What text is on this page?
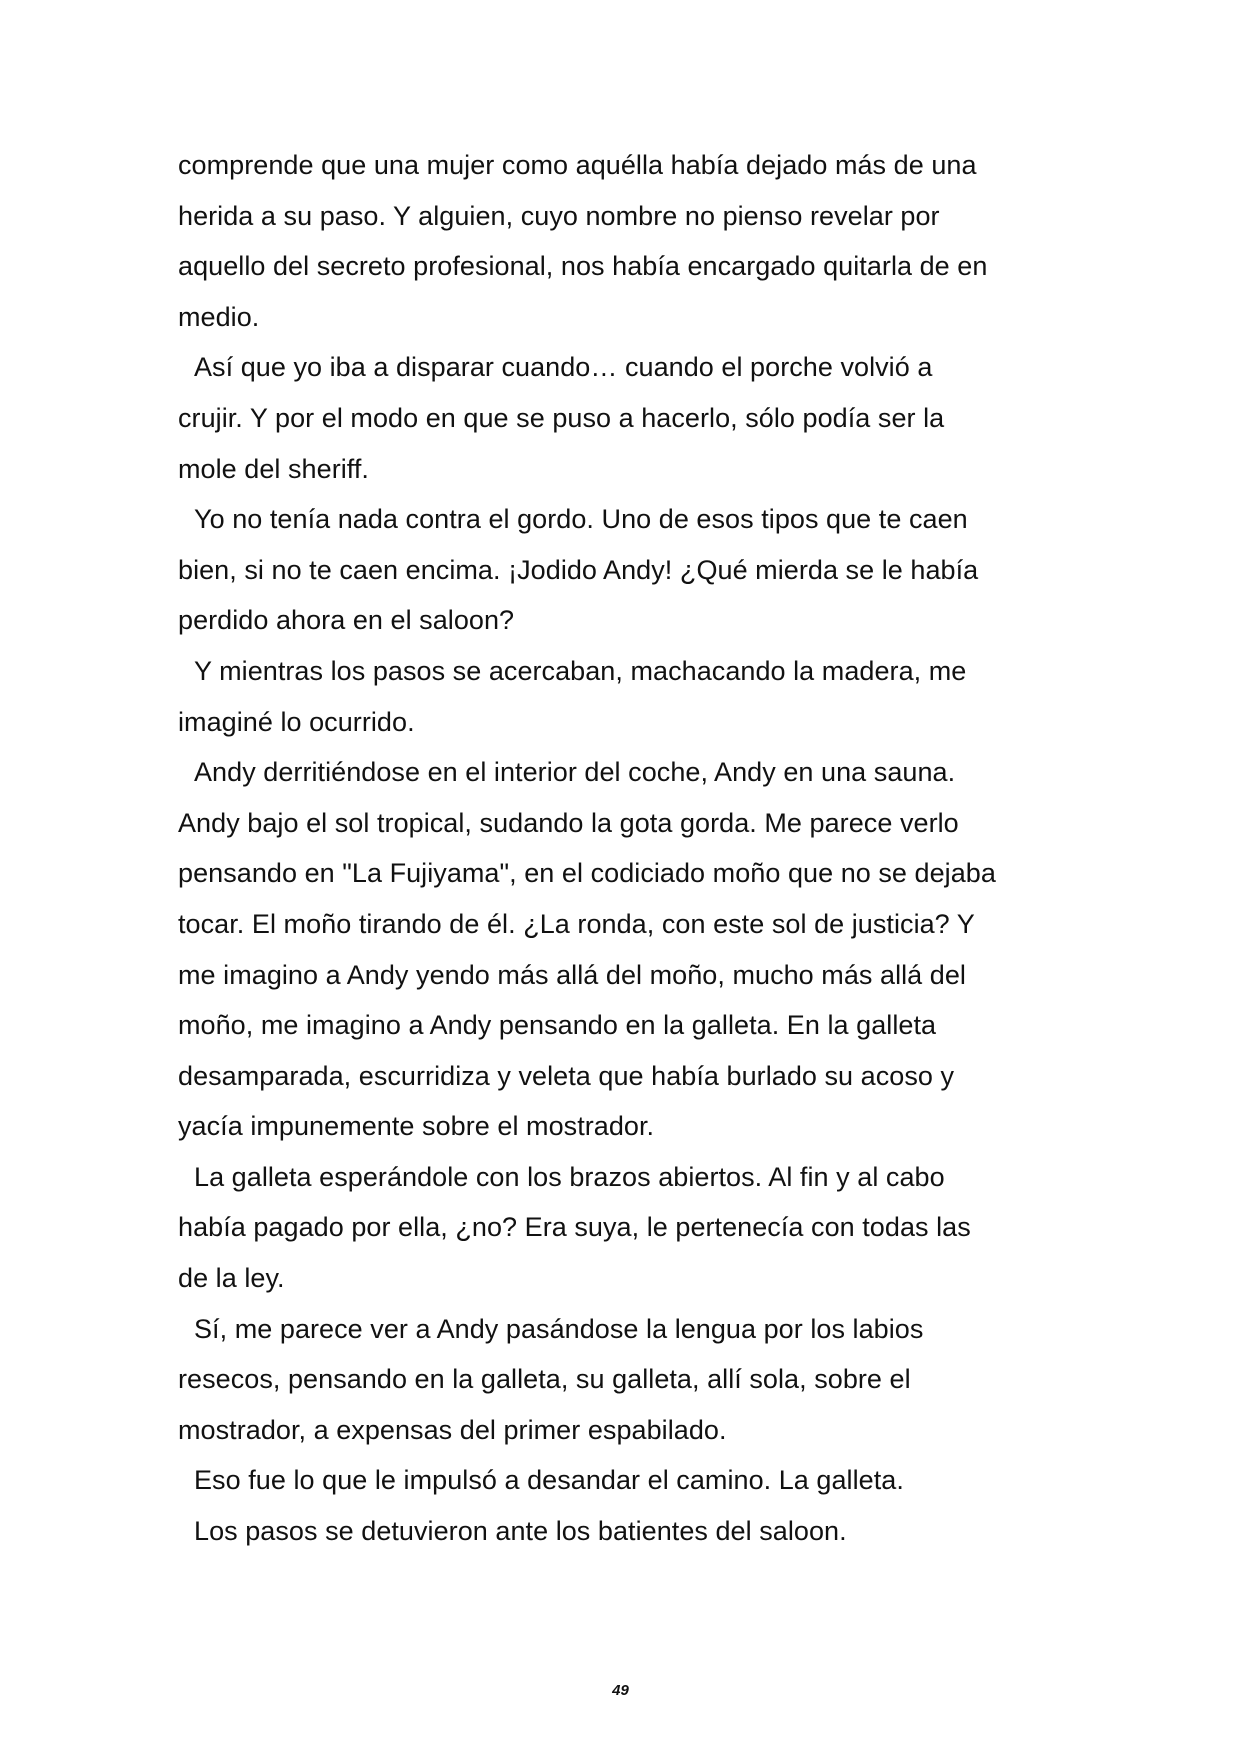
comprende que una mujer como aquélla había dejado más de una
herida a su paso. Y alguien, cuyo nombre no pienso revelar por
aquello del secreto profesional, nos había encargado quitarla de en
medio.
Así que yo iba a disparar cuando… cuando el porche volvió a
crujir. Y por el modo en que se puso a hacerlo, sólo podía ser la
mole del sheriff.
Yo no tenía nada contra el gordo. Uno de esos tipos que te caen
bien, si no te caen encima. ¡Jodido Andy! ¿Qué mierda se le había
perdido ahora en el saloon?
Y mientras los pasos se acercaban, machacando la madera, me
imaginé lo ocurrido.
Andy derritiéndose en el interior del coche, Andy en una sauna.
Andy bajo el sol tropical, sudando la gota gorda. Me parece verlo
pensando en "La Fujiyama", en el codiciado moño que no se dejaba
tocar. El moño tirando de él. ¿La ronda, con este sol de justicia? Y
me imagino a Andy yendo más allá del moño, mucho más allá del
moño, me imagino a Andy pensando en la galleta. En la galleta
desamparada, escurridiza y veleta que había burlado su acoso y
yacía impunemente sobre el mostrador.
La galleta esperándole con los brazos abiertos. Al fin y al cabo
había pagado por ella, ¿no? Era suya, le pertenecía con todas las
de la ley.
Sí, me parece ver a Andy pasándose la lengua por los labios
resecos, pensando en la galleta, su galleta, allí sola, sobre el
mostrador, a expensas del primer espabilado.
Eso fue lo que le impulsó a desandar el camino. La galleta.
Los pasos se detuvieron ante los batientes del saloon.
49
